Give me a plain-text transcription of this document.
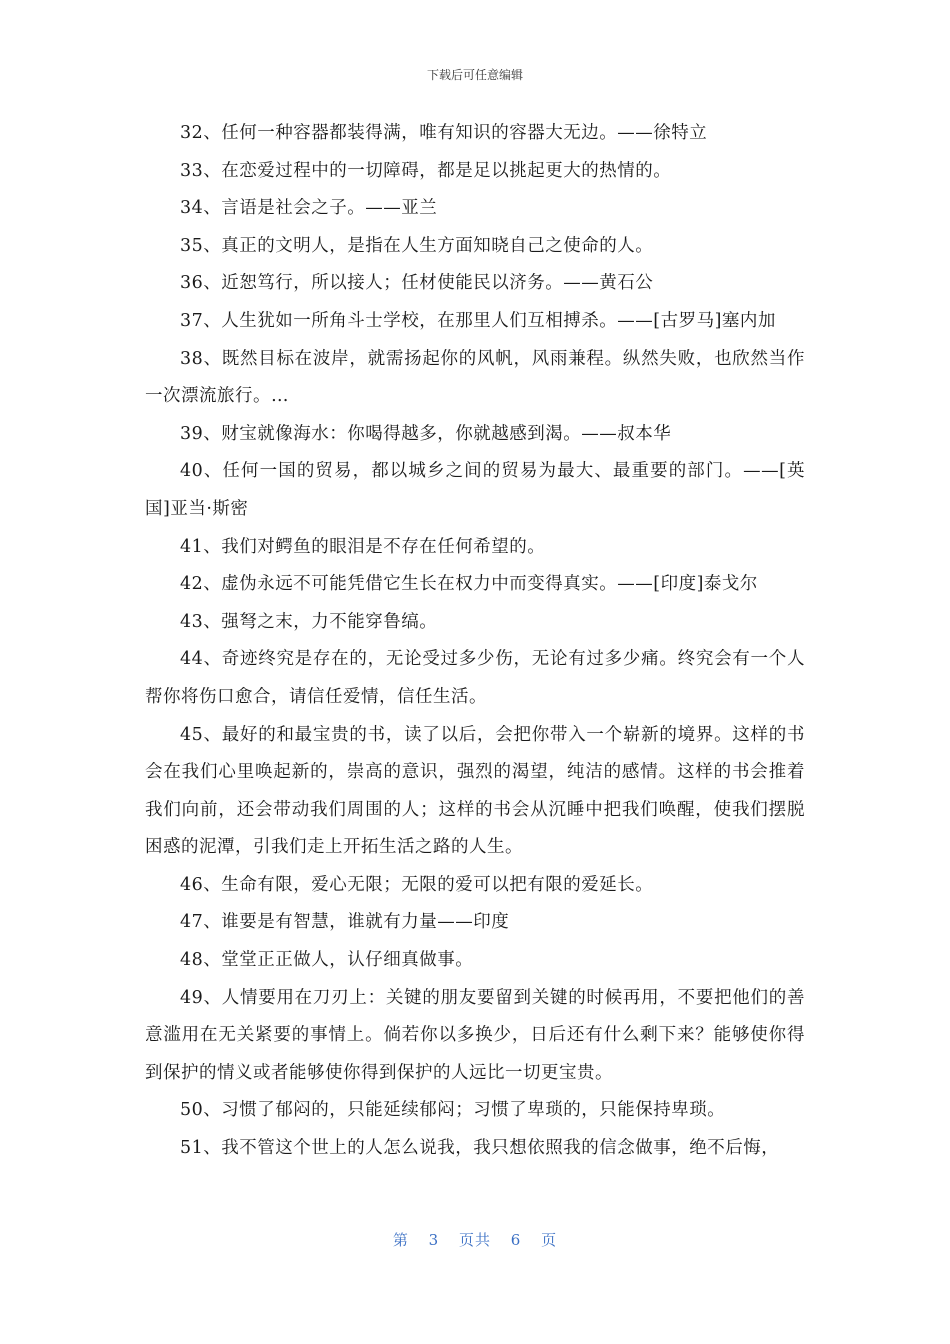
下载后可任意编辑

32、任何一种容器都装得满，唯有知识的容器大无边。——徐特立

33、在恋爱过程中的一切障碍，都是足以挑起更大的热情的。

34、言语是社会之子。——亚兰

35、真正的文明人，是指在人生方面知晓自己之使命的人。

36、近恕笃行，所以接人；任材使能民以济务。——黄石公

37、人生犹如一所角斗士学校，在那里人们互相搏杀。——[古罗马]塞内加

38、既然目标在波岸，就需扬起你的风帆，风雨兼程。纵然失败，也欣然当作一次漂流旅行。…

39、财宝就像海水：你喝得越多，你就越感到渴。——叔本华

40、任何一国的贸易，都以城乡之间的贸易为最大、最重要的部门。——[英国]亚当·斯密

41、我们对鳄鱼的眼泪是不存在任何希望的。

42、虚伪永远不可能凭借它生长在权力中而变得真实。——[印度]泰戈尔

43、强弩之末，力不能穿鲁缟。

44、奇迹终究是存在的，无论受过多少伤，无论有过多少痛。终究会有一个人帮你将伤口愈合，请信任爱情，信任生活。

45、最好的和最宝贵的书，读了以后，会把你带入一个崭新的境界。这样的书会在我们心里唤起新的，崇高的意识，强烈的渴望，纯洁的感情。这样的书会推着我们向前，还会带动我们周围的人；这样的书会从沉睡中把我们唤醒，使我们摆脱困惑的泥潭，引我们走上开拓生活之路的人生。

46、生命有限，爱心无限；无限的爱可以把有限的爱延长。

47、谁要是有智慧，谁就有力量——印度

48、堂堂正正做人，认仔细真做事。

49、人情要用在刀刃上：关键的朋友要留到关键的时候再用，不要把他们的善意滥用在无关紧要的事情上。倘若你以多换少，日后还有什么剩下来？能够使你得到保护的情义或者能够使你得到保护的人远比一切更宝贵。

50、习惯了郁闷的，只能延续郁闷；习惯了卑琐的，只能保持卑琐。

51、我不管这个世上的人怎么说我，我只想依照我的信念做事，绝不后悔，

第 3 页共 6 页
